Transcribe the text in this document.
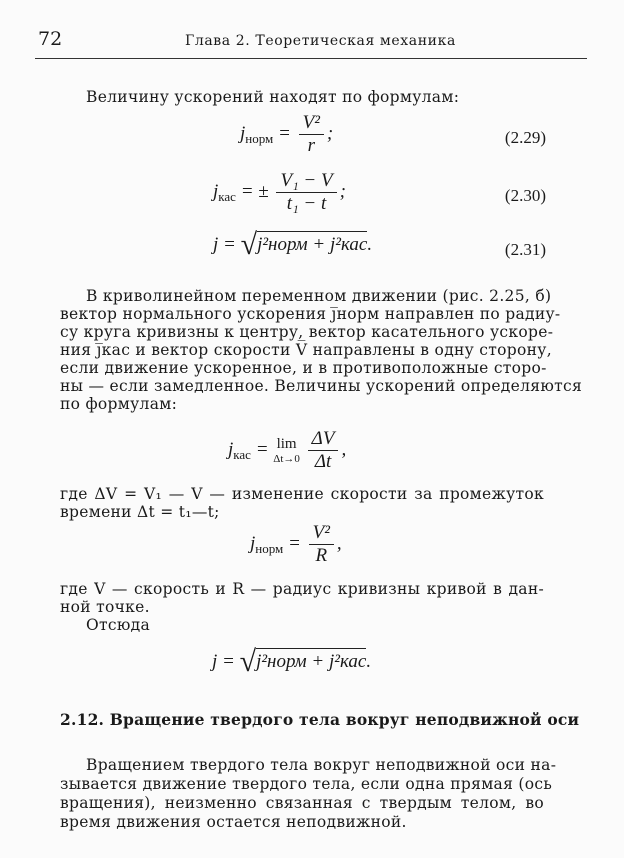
72	Глава 2. Теоретическая механика
Величину ускорений находят по формулам:
$j_{норм} = \frac{\text{V²}}{r}$ ;	(2.29)
$j_{кас}$ = ± $\frac{\text{V₁ − V}}{\text{t₁ − t}}$ ;	(2.30)
j = √j²норм + j²кас.	(2.31)
В криволинейном переменном движении (рис. 2.25, б)
вектор нормального ускорения j̅норм направлен по радиу-
су круга кривизны к центру, вектор касательного ускоре-
ния j̅кас и вектор скорости V̅ направлены в одну сторону,
если движение ускоренное, и в противоположные сторо-
ны — если замедленное. Величины ускорений определяются
по формулам:
$j_{кас} = \lim$
Δt→0
$\frac{\Delta V}{\Delta t}$ ,
где ΔV = V₁ — V — изменение скорости за промежуток
времени Δt = t₁—t;
$j_{норм} = \frac{\text{V²}}{R}$ ,
где V — скорость и R — радиус кривизны кривой в дан-
ной точке.
Отсюда
j = √j²норм + j²кас.
2.12. Вращение твердого тела вокруг неподвижной оси
Вращением твердого тела вокруг неподвижной оси на-
зывается движение твердого тела, если одна прямая (ось
вращения), неизменно связанная с твердым телом, во
время движения остается неподвижной.
